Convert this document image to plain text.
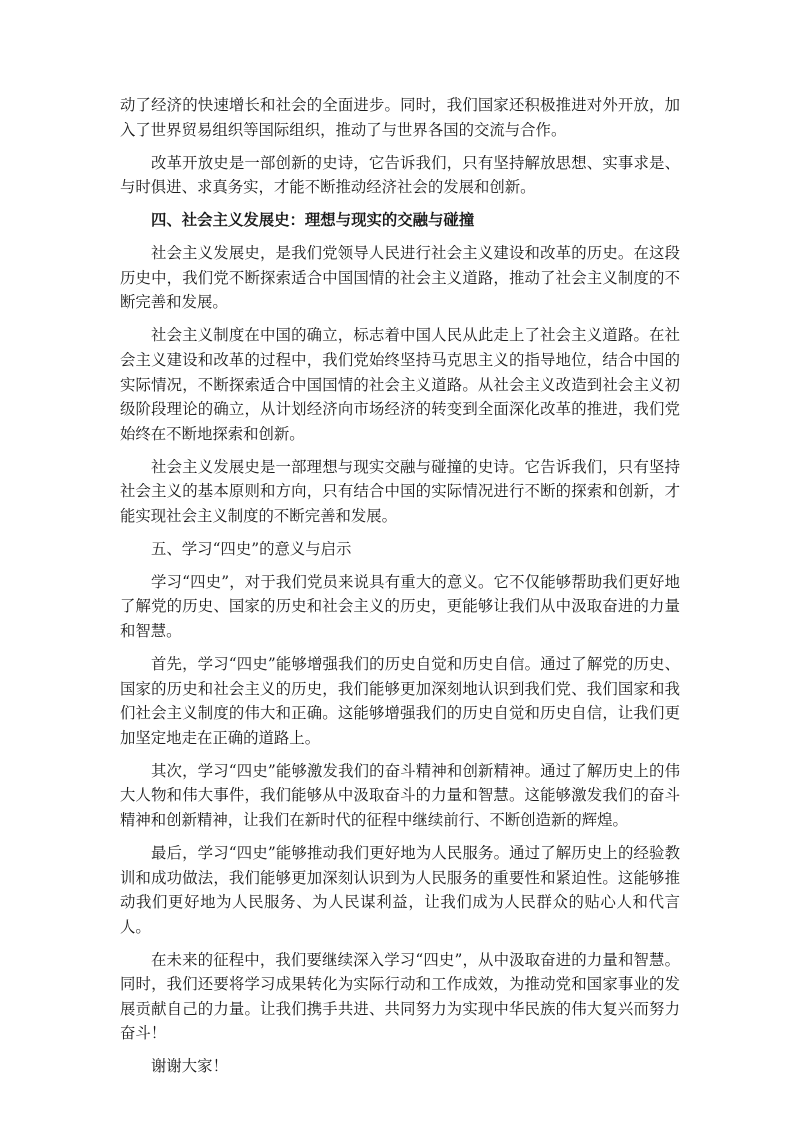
动了经济的快速增长和社会的全面进步。同时，我们国家还积极推进对外开放，加入了世界贸易组织等国际组织，推动了与世界各国的交流与合作。

改革开放史是一部创新的史诗，它告诉我们，只有坚持解放思想、实事求是、与时俱进、求真务实，才能不断推动经济社会的发展和创新。

四、社会主义发展史：理想与现实的交融与碰撞

社会主义发展史，是我们党领导人民进行社会主义建设和改革的历史。在这段历史中，我们党不断探索适合中国国情的社会主义道路，推动了社会主义制度的不断完善和发展。

社会主义制度在中国的确立，标志着中国人民从此走上了社会主义道路。在社会主义建设和改革的过程中，我们党始终坚持马克思主义的指导地位，结合中国的实际情况，不断探索适合中国国情的社会主义道路。从社会主义改造到社会主义初级阶段理论的确立，从计划经济向市场经济的转变到全面深化改革的推进，我们党始终在不断地探索和创新。

社会主义发展史是一部理想与现实交融与碰撞的史诗。它告诉我们，只有坚持社会主义的基本原则和方向，只有结合中国的实际情况进行不断的探索和创新，才能实现社会主义制度的不断完善和发展。

五、学习“四史”的意义与启示

学习“四史”，对于我们党员来说具有重大的意义。它不仅能够帮助我们更好地了解党的历史、国家的历史和社会主义的历史，更能够让我们从中汲取奋进的力量和智慧。

首先，学习“四史”能够增强我们的历史自觉和历史自信。通过了解党的历史、国家的历史和社会主义的历史，我们能够更加深刻地认识到我们党、我们国家和我们社会主义制度的伟大和正确。这能够增强我们的历史自觉和历史自信，让我们更加坚定地走在正确的道路上。

其次，学习“四史”能够激发我们的奋斗精神和创新精神。通过了解历史上的伟大人物和伟大事件，我们能够从中汲取奋斗的力量和智慧。这能够激发我们的奋斗精神和创新精神，让我们在新时代的征程中继续前行、不断创造新的辉煌。

最后，学习“四史”能够推动我们更好地为人民服务。通过了解历史上的经验教训和成功做法，我们能够更加深刻认识到为人民服务的重要性和紧迫性。这能够推动我们更好地为人民服务、为人民谋利益，让我们成为人民群众的贴心人和代言人。

在未来的征程中，我们要继续深入学习“四史”，从中汲取奋进的力量和智慧。同时，我们还要将学习成果转化为实际行动和工作成效，为推动党和国家事业的发展贡献自己的力量。让我们携手共进、共同努力为实现中华民族的伟大复兴而努力奋斗！

谢谢大家！
